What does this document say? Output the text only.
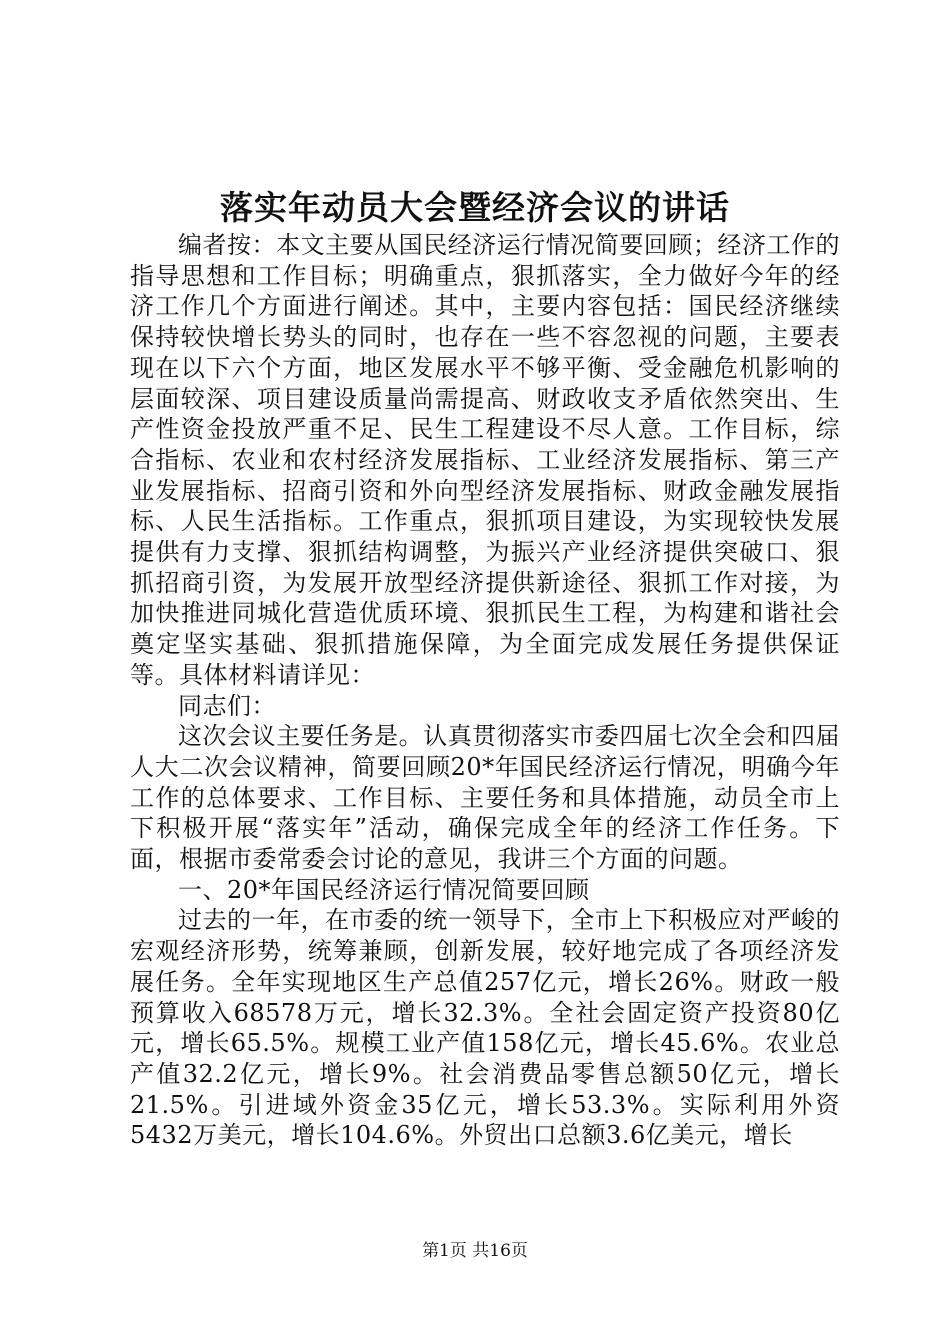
落实年动员大会暨经济会议的讲话

编者按：本文主要从国民经济运行情况简要回顾；经济工作的指导思想和工作目标；明确重点，狠抓落实，全力做好今年的经济工作几个方面进行阐述。其中，主要内容包括：国民经济继续保持较快增长势头的同时，也存在一些不容忽视的问题，主要表现在以下六个方面，地区发展水平不够平衡、受金融危机影响的层面较深、项目建设质量尚需提高、财政收支矛盾依然突出、生产性资金投放严重不足、民生工程建设不尽人意。工作目标，综合指标、农业和农村经济发展指标、工业经济发展指标、第三产业发展指标、招商引资和外向型经济发展指标、财政金融发展指标、人民生活指标。工作重点，狠抓项目建设，为实现较快发展提供有力支撑、狠抓结构调整，为振兴产业经济提供突破口、狠抓招商引资，为发展开放型经济提供新途径、狠抓工作对接，为加快推进同城化营造优质环境、狠抓民生工程，为构建和谐社会奠定坚实基础、狠抓措施保障，为全面完成发展任务提供保证等。具体材料请详见：

同志们：

这次会议主要任务是。认真贯彻落实市委四届七次全会和四届人大二次会议精神，简要回顾20*年国民经济运行情况，明确今年工作的总体要求、工作目标、主要任务和具体措施，动员全市上下积极开展“落实年”活动，确保完成全年的经济工作任务。下面，根据市委常委会讨论的意见，我讲三个方面的问题。

一、20*年国民经济运行情况简要回顾

过去的一年，在市委的统一领导下，全市上下积极应对严峻的宏观经济形势，统筹兼顾，创新发展，较好地完成了各项经济发展任务。全年实现地区生产总值257亿元，增长26%。财政一般预算收入68578万元，增长32.3%。全社会固定资产投资80亿元，增长65.5%。规模工业产值158亿元，增长45.6%。农业总产值32.2亿元，增长9%。社会消费品零售总额50亿元，增长21.5%。引进域外资金35亿元，增长53.3%。实际利用外资5432万美元，增长104.6%。外贸出口总额3.6亿美元，增长

第1页 共16页
